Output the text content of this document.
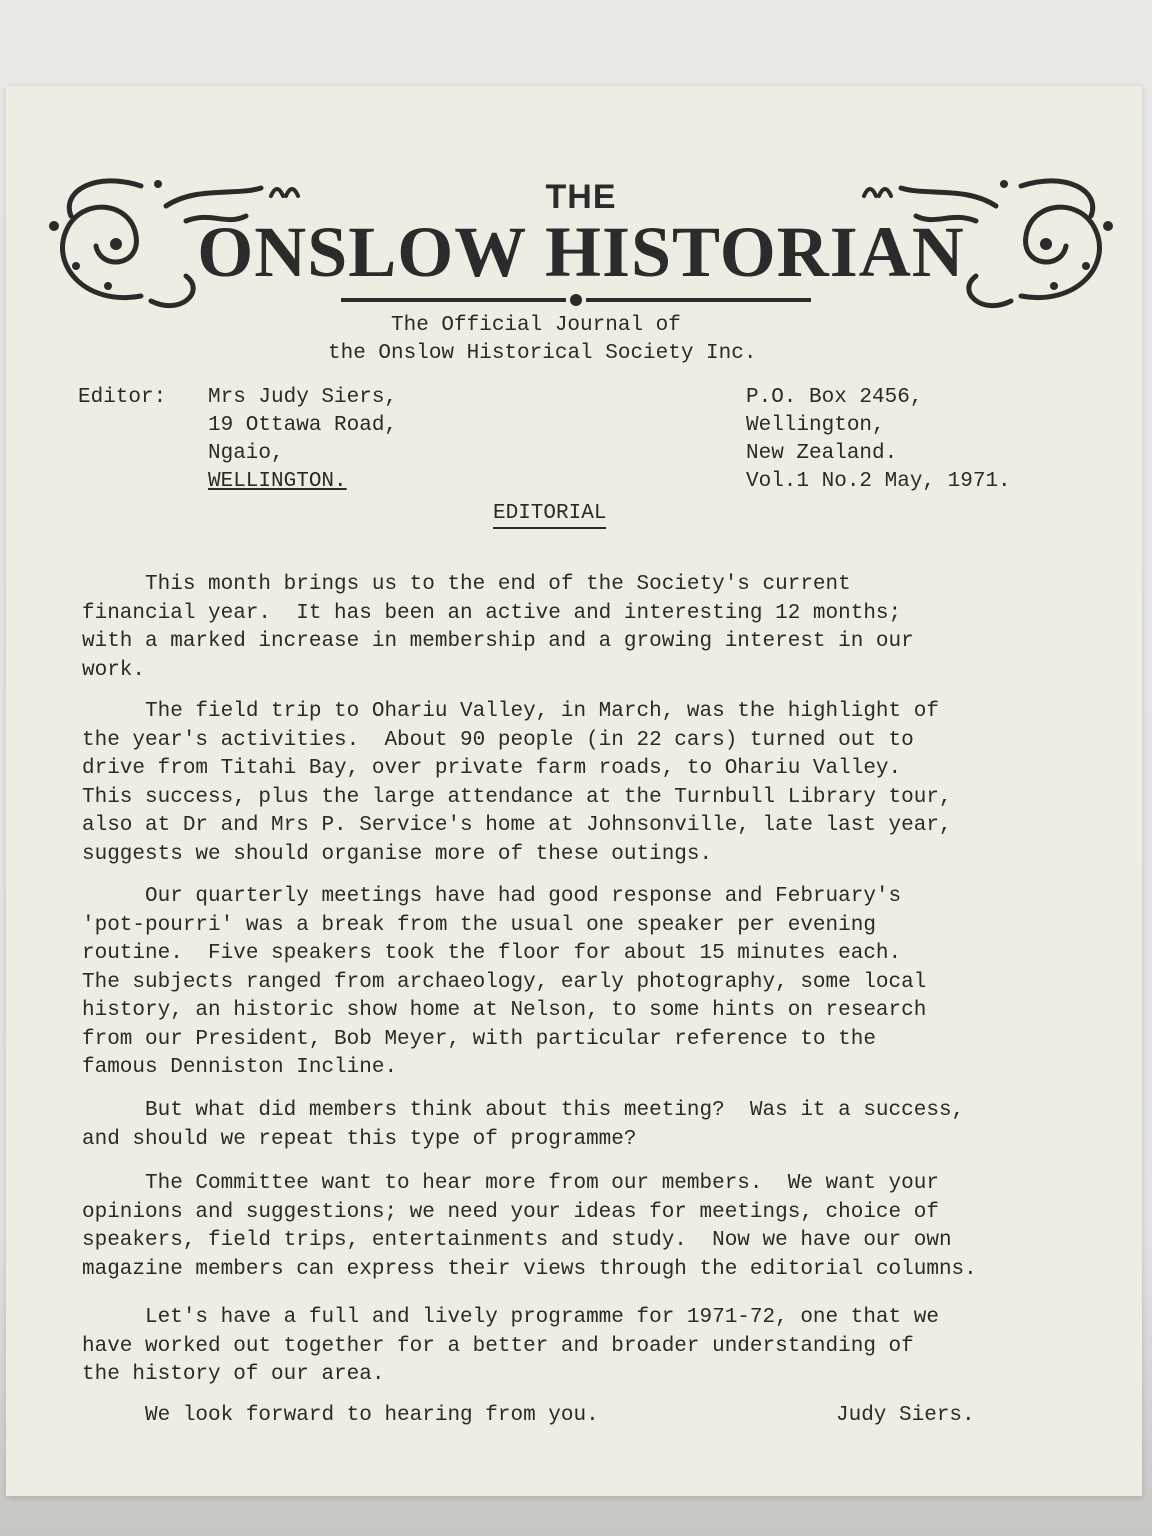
THE
ONSLOW HISTORIAN
The Official Journal of
the Onslow Historical Society Inc.
Editor: Mrs Judy Siers,
19 Ottawa Road,
Ngaio,
WELLINGTON.
P.O. Box 2456,
Wellington,
New Zealand.
Vol.1 No.2 May, 1971.
EDITORIAL
This month brings us to the end of the Society's current
financial year.  It has been an active and interesting 12 months;
with a marked increase in membership and a growing interest in our
work.
The field trip to Ohariu Valley, in March, was the highlight of
the year's activities.  About 90 people (in 22 cars) turned out to
drive from Titahi Bay, over private farm roads, to Ohariu Valley.
This success, plus the large attendance at the Turnbull Library tour,
also at Dr and Mrs P. Service's home at Johnsonville, late last year,
suggests we should organise more of these outings.
Our quarterly meetings have had good response and February's
'pot-pourri' was a break from the usual one speaker per evening
routine.  Five speakers took the floor for about 15 minutes each.
The subjects ranged from archaeology, early photography, some local
history, an historic show home at Nelson, to some hints on research
from our President, Bob Meyer, with particular reference to the
famous Denniston Incline.
But what did members think about this meeting?  Was it a success,
and should we repeat this type of programme?
The Committee want to hear more from our members.  We want your
opinions and suggestions; we need your ideas for meetings, choice of
speakers, field trips, entertainments and study.  Now we have our own
magazine members can express their views through the editorial columns.
Let's have a full and lively programme for 1971-72, one that we
have worked out together for a better and broader understanding of
the history of our area.
We look forward to hearing from you.	Judy Siers.
